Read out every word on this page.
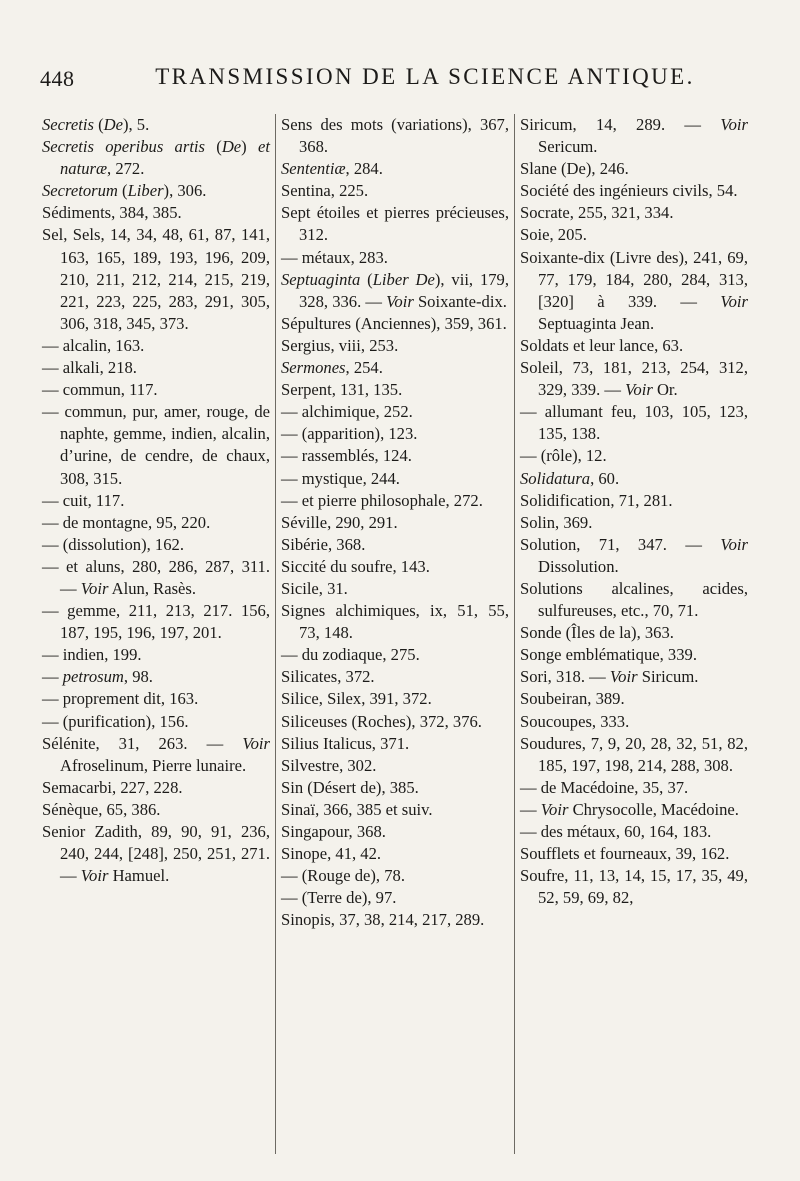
448	TRANSMISSION DE LA SCIENCE ANTIQUE.

Secretis (De), 5.

Secretis operibus artis (De) et naturæ, 272.

Secretorum (Liber), 306.

Sédiments, 384, 385.

Sel, Sels, 14, 34, 48, 61, 87, 141, 163, 165, 189, 193, 196, 209, 210, 211, 212, 214, 215, 219, 221, 223, 225, 283, 291, 305, 306, 318, 345, 373.

— alcalin, 163.

— alkali, 218.

— commun, 117.

— commun, pur, amer, rouge, de naphte, gemme, indien, alcalin, d’urine, de cendre, de chaux, 308, 315.

— cuit, 117.

— de montagne, 95, 220.

— (dissolution), 162.

— et aluns, 280, 286, 287, 311. — Voir Alun, Rasès.

— gemme, 211, 213, 217. 156, 187, 195, 196, 197, 201.

— indien, 199.

— petrosum, 98.

— proprement dit, 163.

— (purification), 156.

Sélénite, 31, 263. — Voir Afroselinum, Pierre lunaire.

Semacarbi, 227, 228.

Sénèque, 65, 386.

Senior Zadith, 89, 90, 91, 236, 240, 244, [248], 250, 251, 271. — Voir Hamuel.

Sens des mots (variations), 367, 368.

Sententiæ, 284.

Sentina, 225.

Sept étoiles et pierres précieuses, 312.

— métaux, 283.

Septuaginta (Liber De), vii, 179, 328, 336. — Voir Soixante-dix.

Sépultures (Anciennes), 359, 361.

Sergius, viii, 253.

Sermones, 254.

Serpent, 131, 135.

— alchimique, 252.

— (apparition), 123.

— rassemblés, 124.

— mystique, 244.

— et pierre philosophale, 272.

Séville, 290, 291.

Sibérie, 368.

Siccité du soufre, 143.

Sicile, 31.

Signes alchimiques, ix, 51, 55, 73, 148.

— du zodiaque, 275.

Silicates, 372.

Silice, Silex, 391, 372.

Siliceuses (Roches), 372, 376.

Silius Italicus, 371.

Silvestre, 302.

Sin (Désert de), 385.

Sinaï, 366, 385 et suiv.

Singapour, 368.

Sinope, 41, 42.

— (Rouge de), 78.

— (Terre de), 97.

Sinopis, 37, 38, 214, 217, 289.

Siricum, 14, 289. — Voir Sericum.

Slane (De), 246.

Société des ingénieurs civils, 54.

Socrate, 255, 321, 334.

Soie, 205.

Soixante-dix (Livre des), 241, 69, 77, 179, 184, 280, 284, 313, [320] à 339. — Voir Septuaginta Jean.

Soldats et leur lance, 63.

Soleil, 73, 181, 213, 254, 312, 329, 339. — Voir Or.

— allumant feu, 103, 105, 123, 135, 138.

— (rôle), 12.

Solidatura, 60.

Solidification, 71, 281.

Solin, 369.

Solution, 71, 347. — Voir Dissolution.

Solutions alcalines, acides, sulfureuses, etc., 70, 71.

Sonde (Îles de la), 363.

Songe emblématique, 339.

Sori, 318. — Voir Siricum.

Soubeiran, 389.

Soucoupes, 333.

Soudures, 7, 9, 20, 28, 32, 51, 82, 185, 197, 198, 214, 288, 308.

— de Macédoine, 35, 37.

— Voir Chrysocolle, Macédoine.

— des métaux, 60, 164, 183.

Soufflets et fourneaux, 39, 162.

Soufre, 11, 13, 14, 15, 17, 35, 49, 52, 59, 69, 82,
